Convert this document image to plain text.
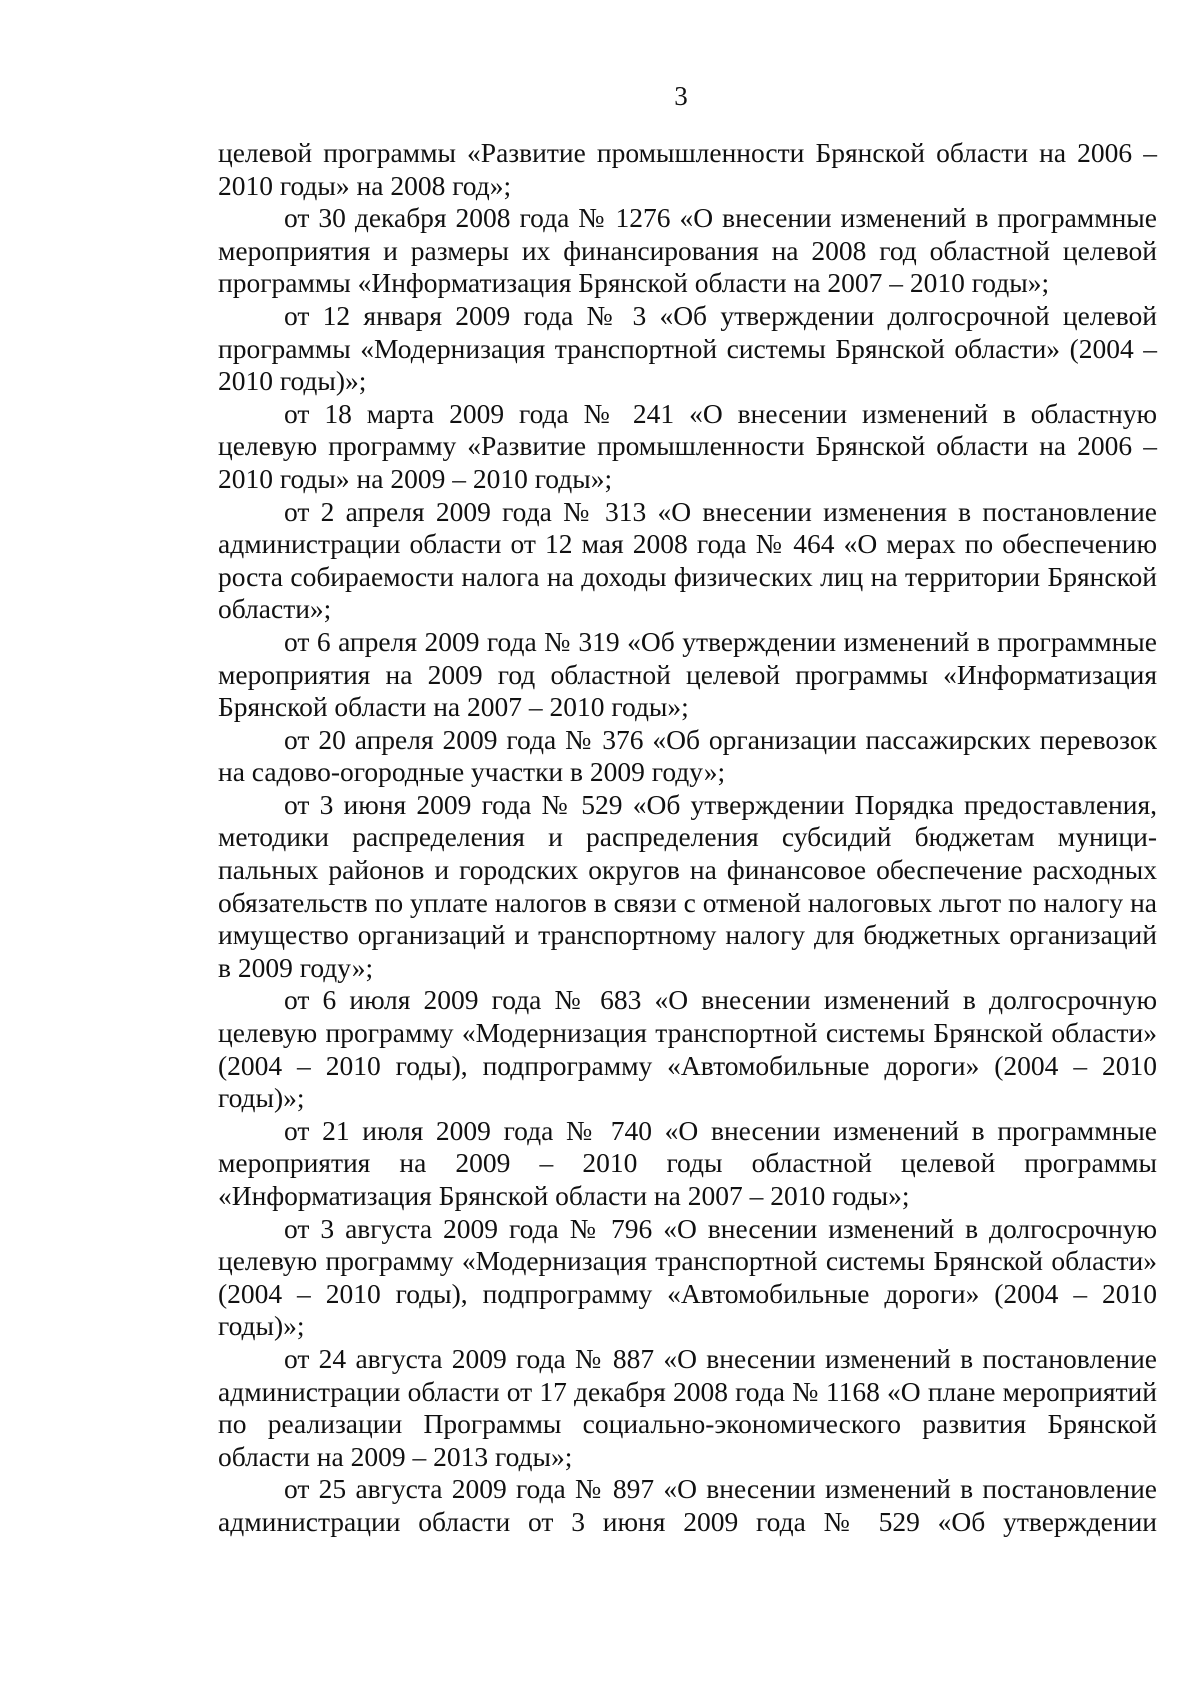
3

целевой программы «Развитие промышленности Брянской области на 2006 – 2010 годы» на 2008 год»;

от 30 декабря 2008 года № 1276 «О внесении изменений в программные мероприятия и размеры их финансирования на 2008 год областной целевой программы «Информатизация Брянской области на 2007 – 2010 годы»;

от 12 января 2009 года № 3 «Об утверждении долгосрочной целевой программы «Модернизация транспортной системы Брянской области» (2004 – 2010 годы)»;

от 18 марта 2009 года № 241 «О внесении изменений в областную целевую программу «Развитие промышленности Брянской области на 2006 – 2010 годы» на 2009 – 2010 годы»;

от 2 апреля 2009 года № 313 «О внесении изменения в постановление администрации области от 12 мая 2008 года № 464 «О мерах по обеспечению роста собираемости налога на доходы физических лиц на территории Брянской области»;

от 6 апреля 2009 года № 319 «Об утверждении изменений в программные мероприятия на 2009 год областной целевой программы «Информатизация Брянской области на 2007 – 2010 годы»;

от 20 апреля 2009 года № 376 «Об организации пассажирских перевозок на садово-огородные участки в 2009 году»;

от 3 июня 2009 года № 529 «Об утверждении Порядка предоставления, методики распределения и распределения субсидий бюджетам муници-пальных районов и городских округов на финансовое обеспечение расходных обязательств по уплате налогов в связи с отменой налоговых льгот по налогу на имущество организаций и транспортному налогу для бюджетных организаций в 2009 году»;

от 6 июля 2009 года № 683 «О внесении изменений в долгосрочную целевую программу «Модернизация транспортной системы Брянской области» (2004 – 2010 годы), подпрограмму «Автомобильные дороги» (2004 – 2010 годы)»;

от 21 июля 2009 года № 740 «О внесении изменений в программные мероприятия на 2009 – 2010 годы областной целевой программы «Информатизация Брянской области на 2007 – 2010 годы»;

от 3 августа 2009 года № 796 «О внесении изменений в долгосрочную целевую программу «Модернизация транспортной системы Брянской области» (2004 – 2010 годы), подпрограмму «Автомобильные дороги» (2004 – 2010 годы)»;

от 24 августа 2009 года № 887 «О внесении изменений в постановление администрации области от 17 декабря 2008 года № 1168 «О плане мероприятий по реализации Программы социально-экономического развития Брянской области на 2009 – 2013 годы»;

от 25 августа 2009 года № 897 «О внесении изменений в постановление администрации области от 3 июня 2009 года № 529 «Об утверждении
